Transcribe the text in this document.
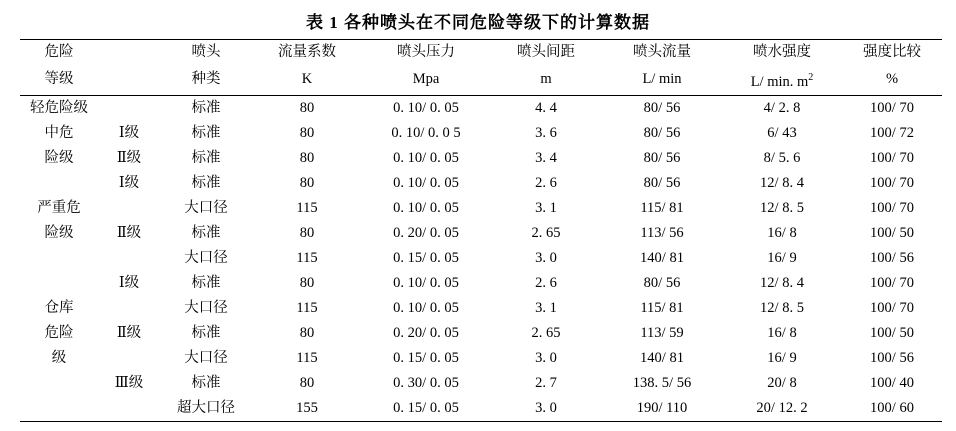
表 1 各种喷头在不同危险等级下的计算数据
危险		喷头	流量系数	喷头压力	喷头间距	喷头流量	喷水强度	强度比较
等级		种类	K	Mpa	m	L/ min	L/ min. $m^2$	%
轻危险级		标准	80	0. 10/ 0. 05	4. 4	80/ 56	4/ 2. 8	100/ 70
中危	Ⅰ级	标准	80	0. 10/ 0. 0 5	3. 6	80/ 56	6/ 43	100/ 72
险级	Ⅱ级	标准	80	0. 10/ 0. 05	3. 4	80/ 56	8/ 5. 6	100/ 70
	Ⅰ级	标准	80	0. 10/ 0. 05	2. 6	80/ 56	12/ 8. 4	100/ 70
严重危		大口径	115	0. 10/ 0. 05	3. 1	115/ 81	12/ 8. 5	100/ 70
险级	Ⅱ级	标准	80	0. 20/ 0. 05	2. 65	113/ 56	16/ 8	100/ 50
		大口径	115	0. 15/ 0. 05	3. 0	140/ 81	16/ 9	100/ 56
	Ⅰ级	标准	80	0. 10/ 0. 05	2. 6	80/ 56	12/ 8. 4	100/ 70
仓库		大口径	115	0. 10/ 0. 05	3. 1	115/ 81	12/ 8. 5	100/ 70
危险	Ⅱ级	标准	80	0. 20/ 0. 05	2. 65	113/ 59	16/ 8	100/ 50
级		大口径	115	0. 15/ 0. 05	3. 0	140/ 81	16/ 9	100/ 56
	Ⅲ级	标准	80	0. 30/ 0. 05	2. 7	138. 5/ 56	20/ 8	100/ 40
		超大口径	155	0. 15/ 0. 05	3. 0	190/ 110	20/ 12. 2	100/ 60
